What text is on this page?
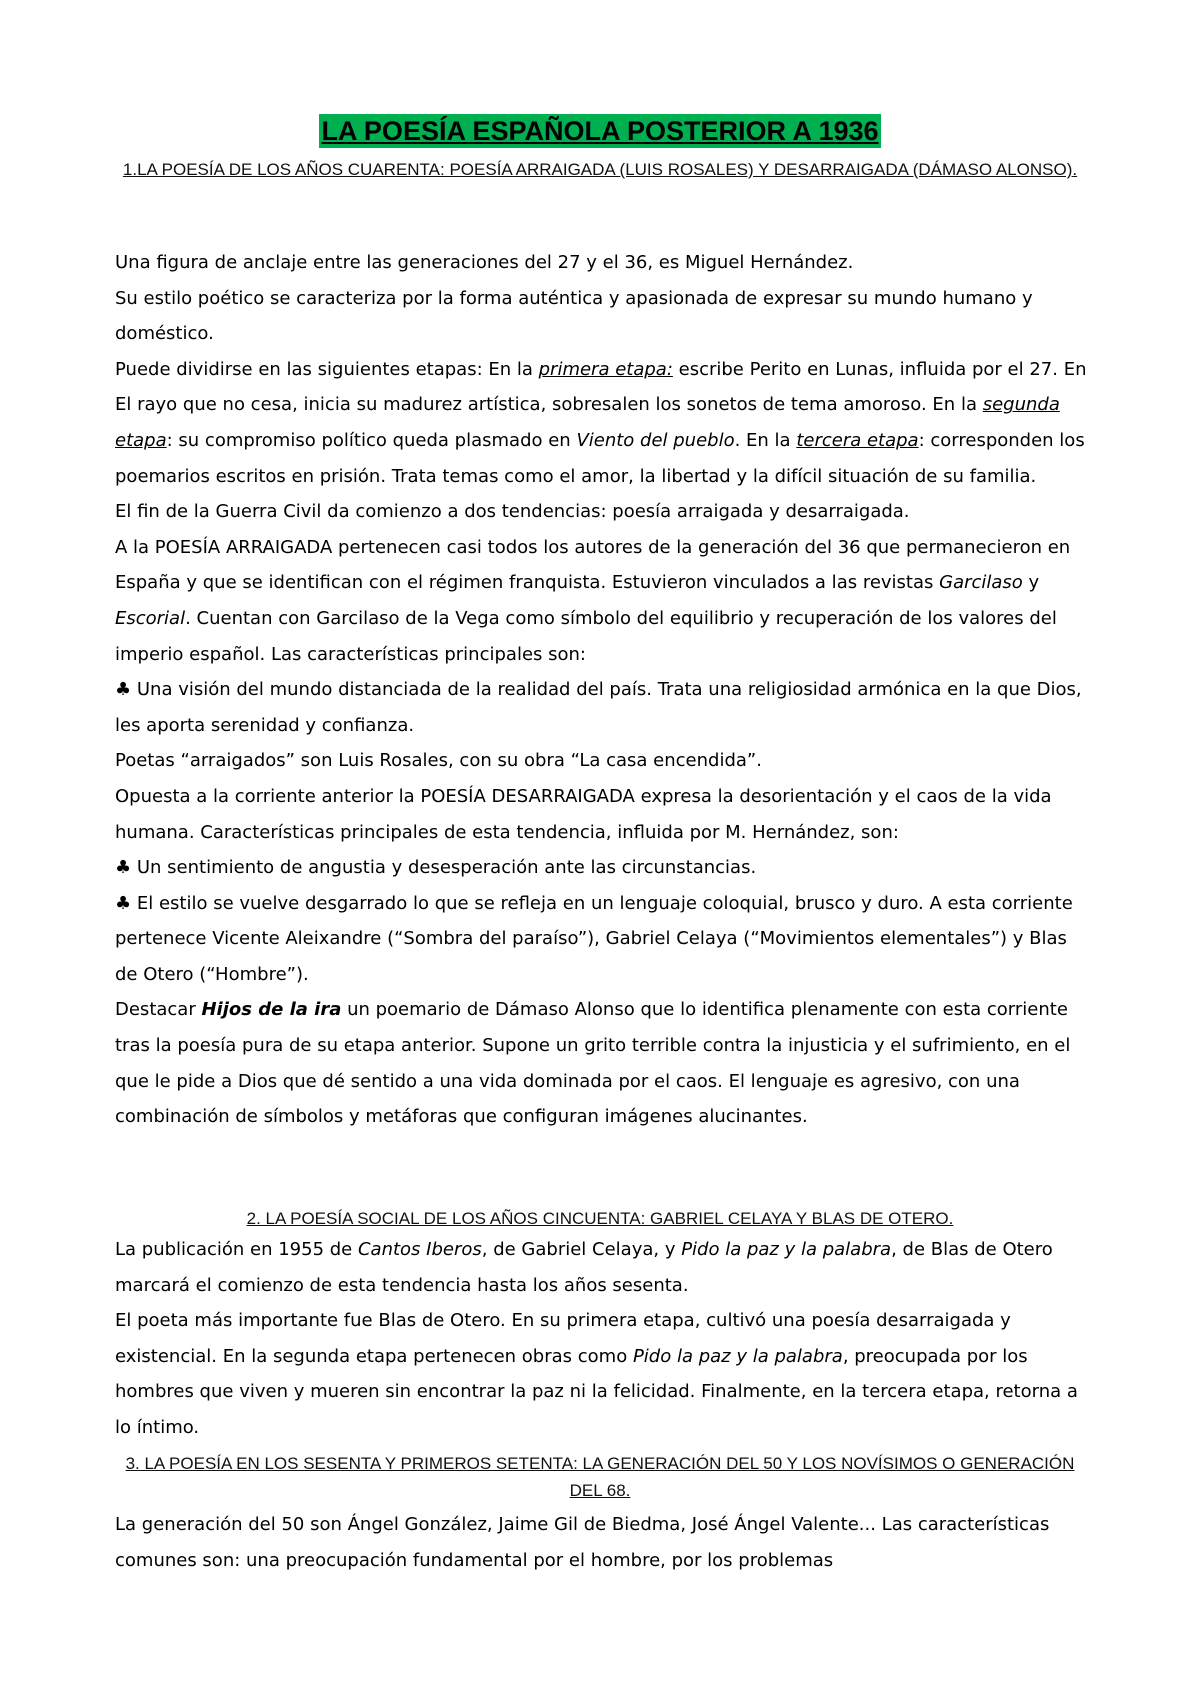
LA POESÍA ESPAÑOLA POSTERIOR A 1936
1.LA POESÍA DE LOS AÑOS CUARENTA: POESÍA ARRAIGADA (LUIS ROSALES) Y DESARRAIGADA (DÁMASO ALONSO).

Una figura de anclaje entre las generaciones del 27 y el 36, es Miguel Hernández.

Su estilo poético se caracteriza por la forma auténtica y apasionada de expresar su mundo humano y doméstico.

Puede dividirse en las siguientes etapas: En la primera etapa: escribe Perito en Lunas, influida por el 27. En El rayo que no cesa, inicia su madurez artística, sobresalen los sonetos de tema amoroso. En la segunda etapa: su compromiso político queda plasmado en Viento del pueblo. En la tercera etapa: corresponden los poemarios escritos en prisión. Trata temas como el amor, la libertad y la difícil situación de su familia.

El fin de la Guerra Civil da comienzo a dos tendencias: poesía arraigada y desarraigada.

A la POESÍA ARRAIGADA pertenecen casi todos los autores de la generación del 36 que permanecieron en España y que se identifican con el régimen franquista. Estuvieron vinculados a las revistas Garcilaso y Escorial. Cuentan con Garcilaso de la Vega como símbolo del equilibrio y recuperación de los valores del imperio español. Las características principales son:

♣ Una visión del mundo distanciada de la realidad del país. Trata una religiosidad armónica en la que Dios, les aporta serenidad y confianza.

Poetas “arraigados” son Luis Rosales, con su obra “La casa encendida”.

Opuesta a la corriente anterior la POESÍA DESARRAIGADA expresa la desorientación y el caos de la vida humana. Características principales de esta tendencia, influida por M. Hernández, son:

♣ Un sentimiento de angustia y desesperación ante las circunstancias.

♣ El estilo se vuelve desgarrado lo que se refleja en un lenguaje coloquial, brusco y duro. A esta corriente pertenece Vicente Aleixandre (“Sombra del paraíso”), Gabriel Celaya (“Movimientos elementales”) y Blas de Otero (“Hombre”).

Destacar Hijos de la ira un poemario de Dámaso Alonso que lo identifica plenamente con esta corriente tras la poesía pura de su etapa anterior. Supone un grito terrible contra la injusticia y el sufrimiento, en el que le pide a Dios que dé sentido a una vida dominada por el caos. El lenguaje es agresivo, con una combinación de símbolos y metáforas que configuran imágenes alucinantes.

2. LA POESÍA SOCIAL DE LOS AÑOS CINCUENTA: GABRIEL CELAYA Y BLAS DE OTERO.

La publicación en 1955 de Cantos Iberos, de Gabriel Celaya, y Pido la paz y la palabra, de Blas de Otero marcará el comienzo de esta tendencia hasta los años sesenta.

El poeta más importante fue Blas de Otero. En su primera etapa, cultivó una poesía desarraigada y existencial. En la segunda etapa pertenecen obras como Pido la paz y la palabra, preocupada por los hombres que viven y mueren sin encontrar la paz ni la felicidad. Finalmente, en la tercera etapa, retorna a lo íntimo.

3. LA POESÍA EN LOS SESENTA Y PRIMEROS SETENTA: LA GENERACIÓN DEL 50 Y LOS NOVÍSIMOS O GENERACIÓN DEL 68.

La generación del 50 son Ángel González, Jaime Gil de Biedma, José Ángel Valente... Las características comunes son: una preocupación fundamental por el hombre, por los problemas
